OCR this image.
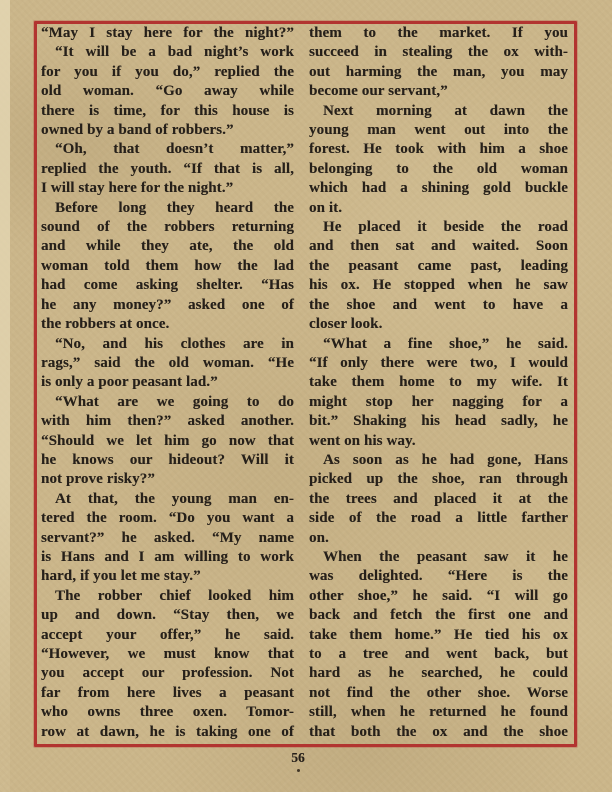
“May I stay here for the night?”
“It will be a bad night’s work
for you if you do,” replied the
old woman. “Go away while
there is time, for this house is
owned by a band of robbers.”
“Oh, that doesn’t matter,”
replied the youth. “If that is all,
I will stay here for the night.”
Before long they heard the
sound of the robbers returning
and while they ate, the old
woman told them how the lad
had come asking shelter. “Has
he any money?” asked one of
the robbers at once.
“No, and his clothes are in
rags,” said the old woman. “He
is only a poor peasant lad.”
“What are we going to do
with him then?” asked another.
“Should we let him go now that
he knows our hideout? Will it
not prove risky?”
At that, the young man en-
tered the room. “Do you want a
servant?” he asked. “My name
is Hans and I am willing to work
hard, if you let me stay.”
The robber chief looked him
up and down. “Stay then, we
accept your offer,” he said.
“However, we must know that
you accept our profession. Not
far from here lives a peasant
who owns three oxen. Tomor-
row at dawn, he is taking one of
them to the market. If you
succeed in stealing the ox with-
out harming the man, you may
become our servant,”
Next morning at dawn the
young man went out into the
forest. He took with him a shoe
belonging to the old woman
which had a shining gold buckle
on it.
He placed it beside the road
and then sat and waited. Soon
the peasant came past, leading
his ox. He stopped when he saw
the shoe and went to have a
closer look.
“What a fine shoe,” he said.
“If only there were two, I would
take them home to my wife. It
might stop her nagging for a
bit.” Shaking his head sadly, he
went on his way.
As soon as he had gone, Hans
picked up the shoe, ran through
the trees and placed it at the
side of the road a little farther
on.
When the peasant saw it he
was delighted. “Here is the
other shoe,” he said. “I will go
back and fetch the first one and
take them home.” He tied his ox
to a tree and went back, but
hard as he searched, he could
not find the other shoe. Worse
still, when he returned he found
that both the ox and the shoe
56
